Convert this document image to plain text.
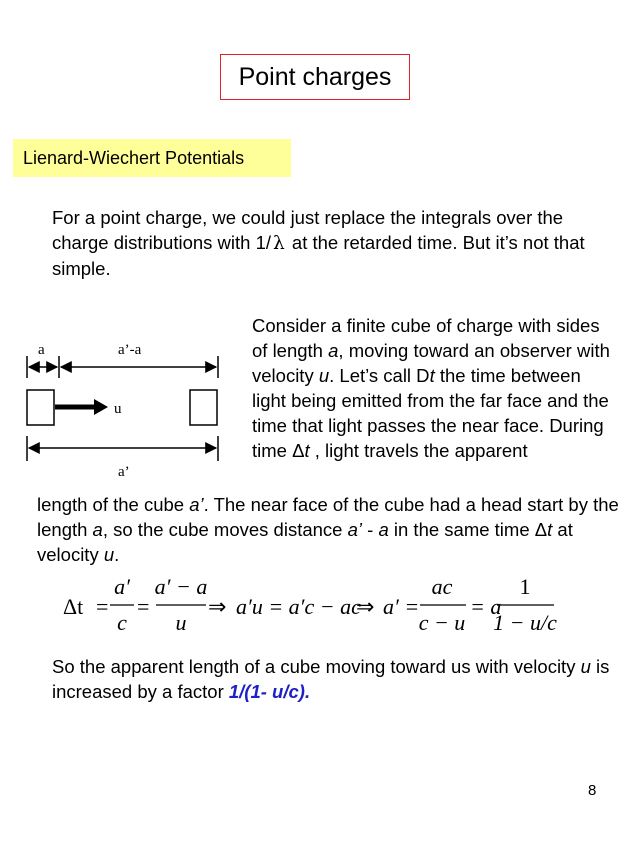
Point charges
Lienard-Wiechert Potentials
For a point charge, we could just replace the integrals over the charge distributions with 1/ λ at the retarded time. But it’s not that simple.
a	a’-a
u
a’
Consider a finite cube of charge with sides of length a, moving toward an observer with velocity u. Let’s call Dt the time between light being emitted from the far face and the time that light passes the near face. During time Δt , light travels the apparent
length of the cube a’. The near face of the cube had a head start by the length a, so the cube moves distance a’ - a in the same time Δt at velocity u.
Δt =
a′
c
=
a′ − a
u
⇒ a′u = a′c − ac
⇒ a′ =
ac
c − u
= a
1
1 − u/c
So the apparent length of a cube moving toward us with velocity u is increased by a factor 1/(1- u/c).
8
